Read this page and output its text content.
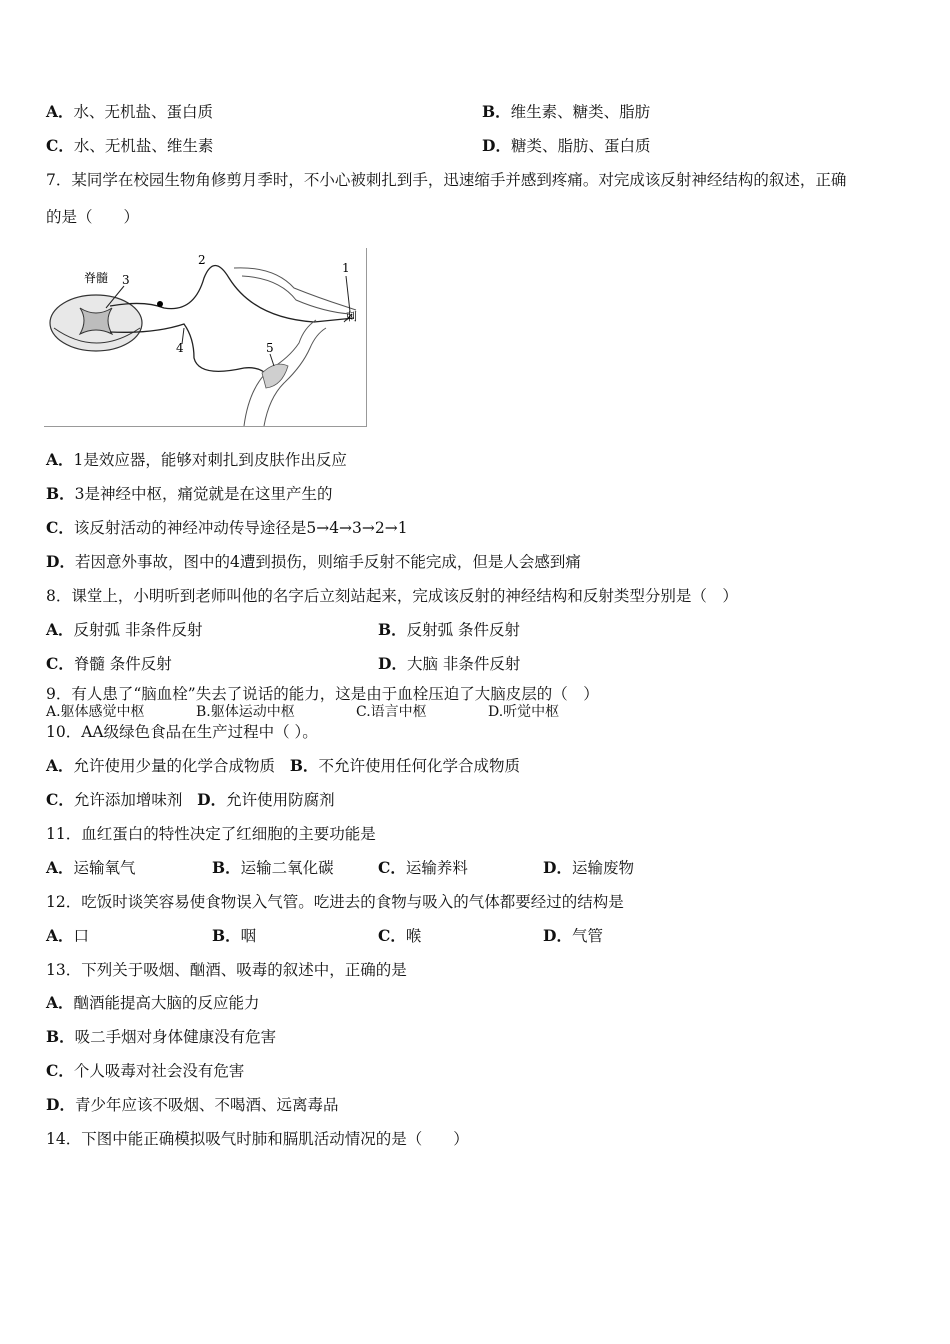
A．水、无机盐、蛋白质	B．维生素、糖类、脂肪
C．水、无机盐、维生素	D．糖类、脂肪、蛋白质
7．某同学在校园生物角修剪月季时，不小心被刺扎到手，迅速缩手并感到疼痛。对完成该反射神经结构的叙述，正确
的是（　　）
脊髓 3
2
1
刺
4	5
A．1是效应器，能够对刺扎到皮肤作出反应
B．3是神经中枢，痛觉就是在这里产生的
C．该反射活动的神经冲动传导途径是5→4→3→2→1
D．若因意外事故，图中的4遭到损伤，则缩手反射不能完成，但是人会感到痛
8．课堂上，小明听到老师叫他的名字后立刻站起来，完成该反射的神经结构和反射类型分别是（　）
A．反射弧 非条件反射	B．反射弧 条件反射
C．脊髓 条件反射	D．大脑 非条件反射
9．有人患了“脑血栓”失去了说话的能力，这是由于血栓压迫了大脑皮层的（　）
A.躯体感觉中枢	B.躯体运动中枢	C.语言中枢	D.听觉中枢
10．AA级绿色食品在生产过程中（ ）。
A．允许使用少量的化学合成物质 B．不允许使用任何化学合成物质
C．允许添加增味剂 D．允许使用防腐剂
11．血红蛋白的特性决定了红细胞的主要功能是
A．运输氧气	B．运输二氧化碳	C．运输养料	D．运输废物
12．吃饭时谈笑容易使食物误入气管。吃进去的食物与吸入的气体都要经过的结构是
A．口	B．咽	C．喉	D．气管
13．下列关于吸烟、酗酒、吸毒的叙述中，正确的是
A．酗酒能提高大脑的反应能力
B．吸二手烟对身体健康没有危害
C．个人吸毒对社会没有危害
D．青少年应该不吸烟、不喝酒、远离毒品
14．下图中能正确模拟吸气时肺和膈肌活动情况的是（　　）
